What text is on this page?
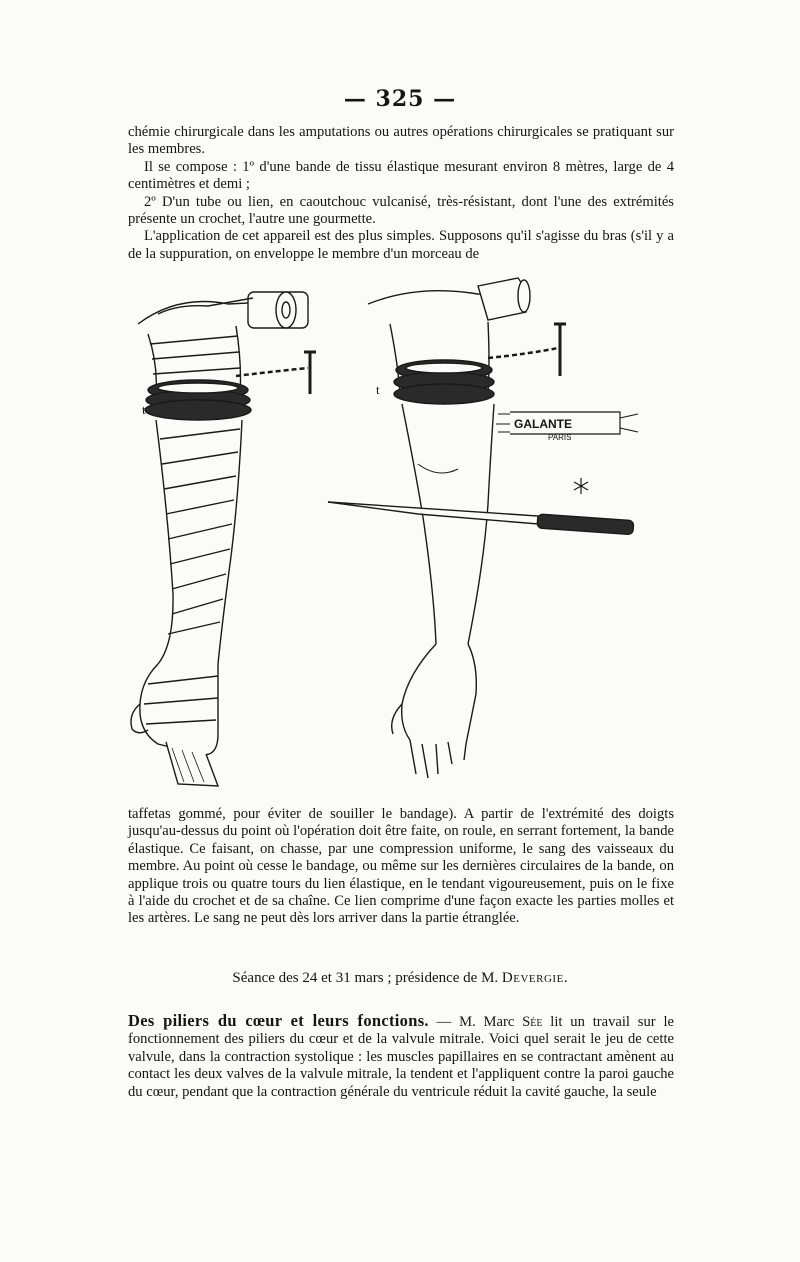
— 325 —

chémie chirurgicale dans les amputations ou autres opérations chirurgicales se pratiquant sur les membres.

Il se compose : 1º d'une bande de tissu élastique mesurant environ 8 mètres, large de 4 centimètres et demi ;

2º D'un tube ou lien, en caoutchouc vulcanisé, très-résistant, dont l'une des extrémités présente un crochet, l'autre une gourmette.

L'application de cet appareil est des plus simples. Supposons qu'il s'agisse du bras (s'il y a de la suppuration, on enveloppe le membre d'un morceau de

GALANTE
PARIS
t
t

taffetas gommé, pour éviter de souiller le bandage). A partir de l'extrémité des doigts jusqu'au-dessus du point où l'opération doit être faite, on roule, en serrant fortement, la bande élastique. Ce faisant, on chasse, par une compression uniforme, le sang des vaisseaux du membre. Au point où cesse le bandage, ou même sur les dernières circulaires de la bande, on applique trois ou quatre tours du lien élastique, en le tendant vigoureusement, puis on le fixe à l'aide du crochet et de sa chaîne. Ce lien comprime d'une façon exacte les parties molles et les artères. Le sang ne peut dès lors arriver dans la partie étranglée.

Séance des 24 et 31 mars ; présidence de M. Devergie.

Des piliers du cœur et leurs fonctions. — M. Marc Sée lit un travail sur le fonctionnement des piliers du cœur et de la valvule mitrale. Voici quel serait le jeu de cette valvule, dans la contraction systolique : les muscles papillaires en se contractant amènent au contact les deux valves de la valvule mitrale, la tendent et l'appliquent contre la paroi gauche du cœur, pendant que la contraction générale du ventricule réduit la cavité gauche, la seule
